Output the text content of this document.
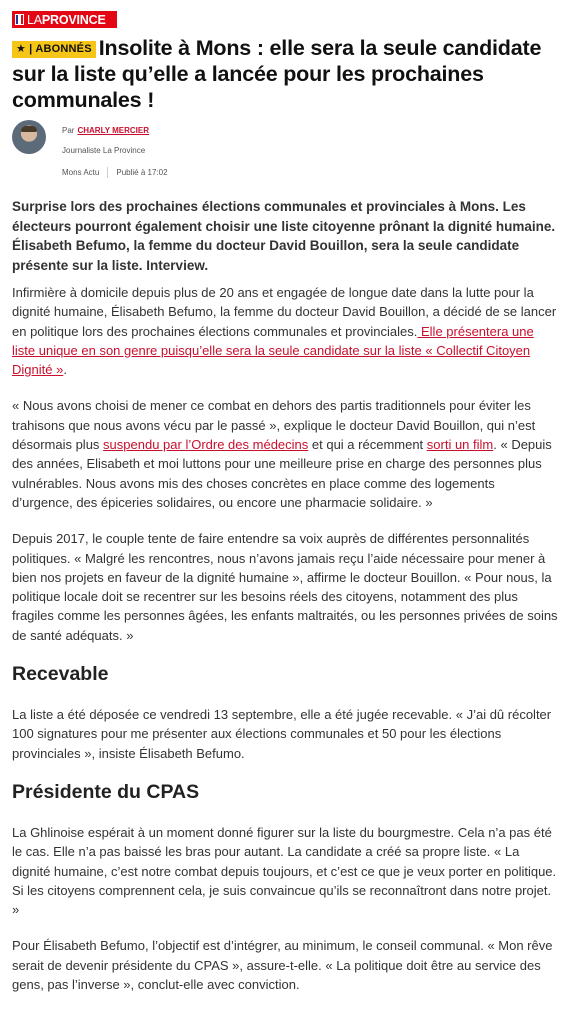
LAPROVINCE
★ | ABONNÉS Insolite à Mons : elle sera la seule candidate sur la liste qu’elle a lancée pour les prochaines communales !
Par CHARLY MERCIER
Journaliste La Province
Mons Actu Publié à 17:02

Surprise lors des prochaines élections communales et provinciales à Mons. Les électeurs pourront également choisir une liste citoyenne prônant la dignité humaine. Élisabeth Befumo, la femme du docteur David Bouillon, sera la seule candidate présente sur la liste. Interview.

Infirmière à domicile depuis plus de 20 ans et engagée de longue date dans la lutte pour la dignité humaine, Élisabeth Befumo, la femme du docteur David Bouillon, a décidé de se lancer en politique lors des prochaines élections communales et provinciales. Elle présentera une liste unique en son genre puisqu’elle sera la seule candidate sur la liste « Collectif Citoyen Dignité ».

« Nous avons choisi de mener ce combat en dehors des partis traditionnels pour éviter les trahisons que nous avons vécu par le passé », explique le docteur David Bouillon, qui n’est désormais plus suspendu par l’Ordre des médecins et qui a récemment sorti un film. « Depuis des années, Elisabeth et moi luttons pour une meilleure prise en charge des personnes plus vulnérables. Nous avons mis des choses concrètes en place comme des logements d’urgence, des épiceries solidaires, ou encore une pharmacie solidaire. »

Depuis 2017, le couple tente de faire entendre sa voix auprès de différentes personnalités politiques. « Malgré les rencontres, nous n’avons jamais reçu l’aide nécessaire pour mener à bien nos projets en faveur de la dignité humaine », affirme le docteur Bouillon. « Pour nous, la politique locale doit se recentrer sur les besoins réels des citoyens, notamment des plus fragiles comme les personnes âgées, les enfants maltraités, ou les personnes privées de soins de santé adéquats. »

Recevable

La liste a été déposée ce vendredi 13 septembre, elle a été jugée recevable. « J’ai dû récolter 100 signatures pour me présenter aux élections communales et 50 pour les élections provinciales », insiste Élisabeth Befumo.

Présidente du CPAS

La Ghlinoise espérait à un moment donné figurer sur la liste du bourgmestre. Cela n’a pas été le cas. Elle n’a pas baissé les bras pour autant. La candidate a créé sa propre liste. « La dignité humaine, c’est notre combat depuis toujours, et c’est ce que je veux porter en politique. Si les citoyens comprennent cela, je suis convaincue qu’ils se reconnaîtront dans notre projet. »

Pour Élisabeth Befumo, l’objectif est d’intégrer, au minimum, le conseil communal. « Mon rêve serait de devenir présidente du CPAS », assure-t-elle. « La politique doit être au service des gens, pas l’inverse », conclut-elle avec conviction.
